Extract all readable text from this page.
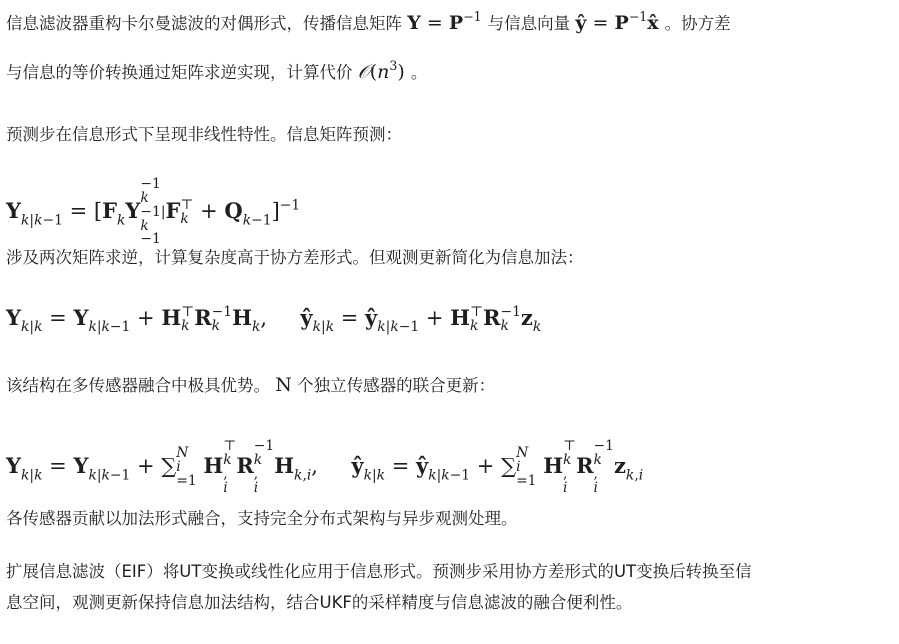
信息滤波器重构卡尔曼滤波的对偶形式，传播信息矩阵 $Y = P^{-1}$ 与信息向量 ŷ = $P^{-1}x̂$ 。协方差
与信息的等价转换通过矩阵求逆实现，计算代价 $𝒪(n^3)$ 。
预测步在信息形式下呈现非线性特性。信息矩阵预测：
$Y_{k|k-1} = [F_kY$
−1
k
−1|
k
−1
F ⊤
$k + Q_{k-1}]^{-1}$
涉及两次矩阵求逆，计算复杂度高于协方差形式。但观测更新简化为信息加法：
$Y_{k|k} = Y_{k|k-1} + H$ ⊤
k R −1
k $H_k$,     $ŷ_{k|k}$ = $ŷ_{k|k-1} + H$ ⊤
k R −1
k $z_k$
该结构在多传感器融合中极具优势。 N 个独立传感器的联合更新：
$Y_{k|k} = Y_{k|k-1}$ + ∑
N
i
=1
H
⊤
k
,
i
R
−1
k
,
i
$H_{k,i}$,     $ŷ_{k|k}$ = $ŷ_{k|k-1}$ + ∑
N
i
=1
H
⊤
k
,
i
R
−1
k
,
i
$z_{k,i}$
各传感器贡献以加法形式融合，支持完全分布式架构与异步观测处理。
扩展信息滤波（EIF）将UT变换或线性化应用于信息形式。预测步采用协方差形式的UT变换后转换至信
息空间，观测更新保持信息加法结构，结合UKF的采样精度与信息滤波的融合便利性。
